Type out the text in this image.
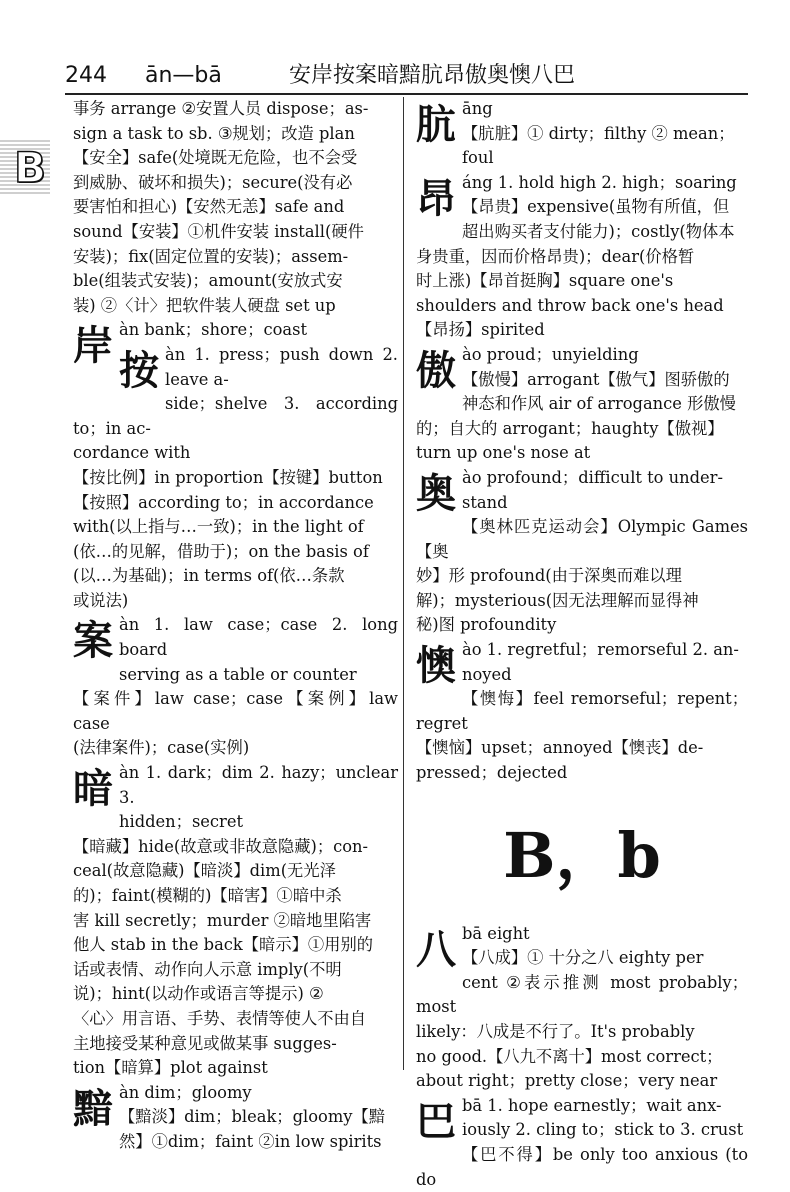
244 ān—bā	安岸按案暗黯肮昂傲奥懊八巴
B

事务 arrange ②安置人员 dispose；as-

sign a task to sb. ③规划；改造 plan

【安全】safe(处境既无危险，也不会受

到威胁、破坏和损失)；secure(没有必

要害怕和担心)【安然无恙】safe and

sound【安装】①机件安装 install(硬件

安装)；fix(固定位置的安装)；assem-

ble(组装式安装)；amount(安放式安

装) ②〈计〉把软件装人硬盘 set up

岸 àn bank；shore；coast

按 àn 1. press；push down 2. leave a-

side；shelve 3. according to；in ac-

cordance with

【按比例】in proportion【按键】button

【按照】according to；in accordance

with(以上指与…一致)；in the light of

(依…的见解，借助于)；on the basis of

(以…为基础)；in terms of(依…条款

或说法)

案 àn 1. law case；case 2. long board

serving as a table or counter

【案件】law case；case【案例】law case

(法律案件)；case(实例)

暗 àn 1. dark；dim 2. hazy；unclear 3.

hidden；secret

【暗藏】hide(故意或非故意隐藏)；con-

ceal(故意隐藏)【暗淡】dim(无光泽

的)；faint(模糊的)【暗害】①暗中杀

害 kill secretly；murder ②暗地里陷害

他人 stab in the back【暗示】①用别的

话或表情、动作向人示意 imply(不明

说)；hint(以动作或语言等提示) ②

〈心〉用言语、手势、表情等使人不由自

主地接受某种意见或做某事 sugges-

tion【暗算】plot against

黯 àn dim；gloomy

【黯淡】dim；bleak；gloomy【黯

然】①dim；faint ②in low spirits

肮 āng

【肮脏】① dirty；filthy ② mean；

foul

昂 áng 1. hold high 2. high；soaring

【昂贵】expensive(虽物有所值，但

超出购买者支付能力)；costly(物体本

身贵重，因而价格昂贵)；dear(价格暂

时上涨)【昂首挺胸】square one's

shoulders and throw back one's head

【昂扬】spirited

傲 ào proud；unyielding

【傲慢】arrogant【傲气】图骄傲的

神态和作风 air of arrogance 形傲慢

的；自大的 arrogant；haughty【傲视】

turn up one's nose at

奥 ào profound；difficult to under-

stand

【奥林匹克运动会】Olympic Games【奥

妙】形 profound(由于深奥而难以理

解)；mysterious(因无法理解而显得神

秘)图 profoundity

懊 ào 1. regretful；remorseful 2. an-

noyed

【懊悔】feel remorseful；repent；regret

【懊恼】upset；annoyed【懊丧】de-

pressed；dejected

B，b
八 bā eight

【八成】① 十分之八 eighty per

cent ②表示推测 most probably；most

likely：八成是不行了。It's probably

no good.【八九不离十】most correct；

about right；pretty close；very near

巴 bā 1. hope earnestly；wait anx-

iously 2. cling to；stick to 3. crust

【巴不得】be only too anxious (to do
